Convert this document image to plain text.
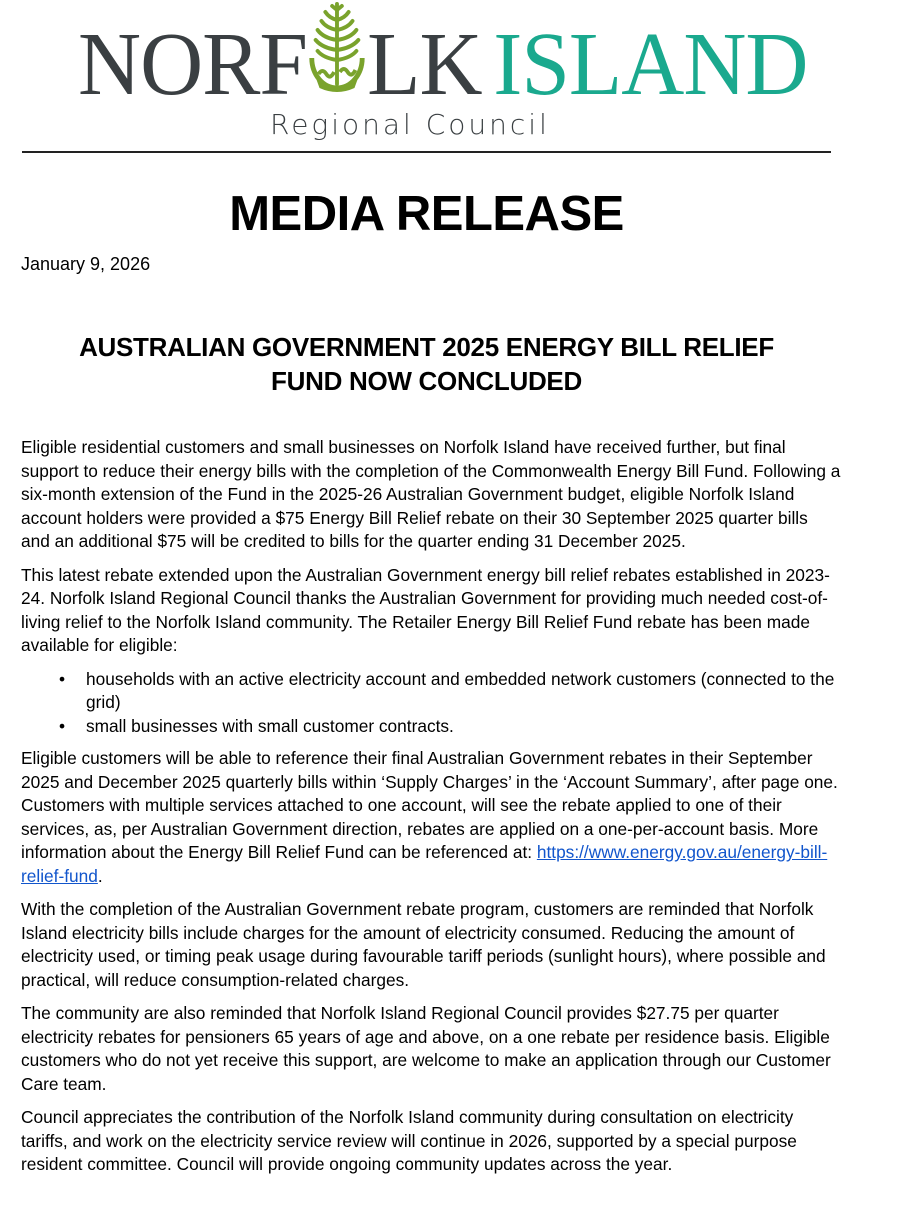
NORF LK ISLAND
Regional Council
MEDIA RELEASE
January 9, 2026
AUSTRALIAN GOVERNMENT 2025 ENERGY BILL RELIEF
FUND NOW CONCLUDED

Eligible residential customers and small businesses on Norfolk Island have received further, but final support to reduce their energy bills with the completion of the Commonwealth Energy Bill Fund. Following a six-month extension of the Fund in the 2025-26 Australian Government budget, eligible Norfolk Island account holders were provided a $75 Energy Bill Relief rebate on their 30 September 2025 quarter bills and an additional $75 will be credited to bills for the quarter ending 31 December 2025.

This latest rebate extended upon the Australian Government energy bill relief rebates established in 2023-24. Norfolk Island Regional Council thanks the Australian Government for providing much needed cost-of-living relief to the Norfolk Island community. The Retailer Energy Bill Relief Fund rebate has been made available for eligible:

• households with an active electricity account and embedded network customers (connected to the grid)
• small businesses with small customer contracts.

Eligible customers will be able to reference their final Australian Government rebates in their September 2025 and December 2025 quarterly bills within ‘Supply Charges’ in the ‘Account Summary’, after page one. Customers with multiple services attached to one account, will see the rebate applied to one of their services, as, per Australian Government direction, rebates are applied on a one-per-account basis. More information about the Energy Bill Relief Fund can be referenced at: https://www.energy.gov.au/energy-bill-relief-fund.

With the completion of the Australian Government rebate program, customers are reminded that Norfolk Island electricity bills include charges for the amount of electricity consumed. Reducing the amount of electricity used, or timing peak usage during favourable tariff periods (sunlight hours), where possible and practical, will reduce consumption-related charges.

The community are also reminded that Norfolk Island Regional Council provides $27.75 per quarter electricity rebates for pensioners 65 years of age and above, on a one rebate per residence basis. Eligible customers who do not yet receive this support, are welcome to make an application through our Customer Care team.

Council appreciates the contribution of the Norfolk Island community during consultation on electricity tariffs, and work on the electricity service review will continue in 2026, supported by a special purpose resident committee. Council will provide ongoing community updates across the year.
